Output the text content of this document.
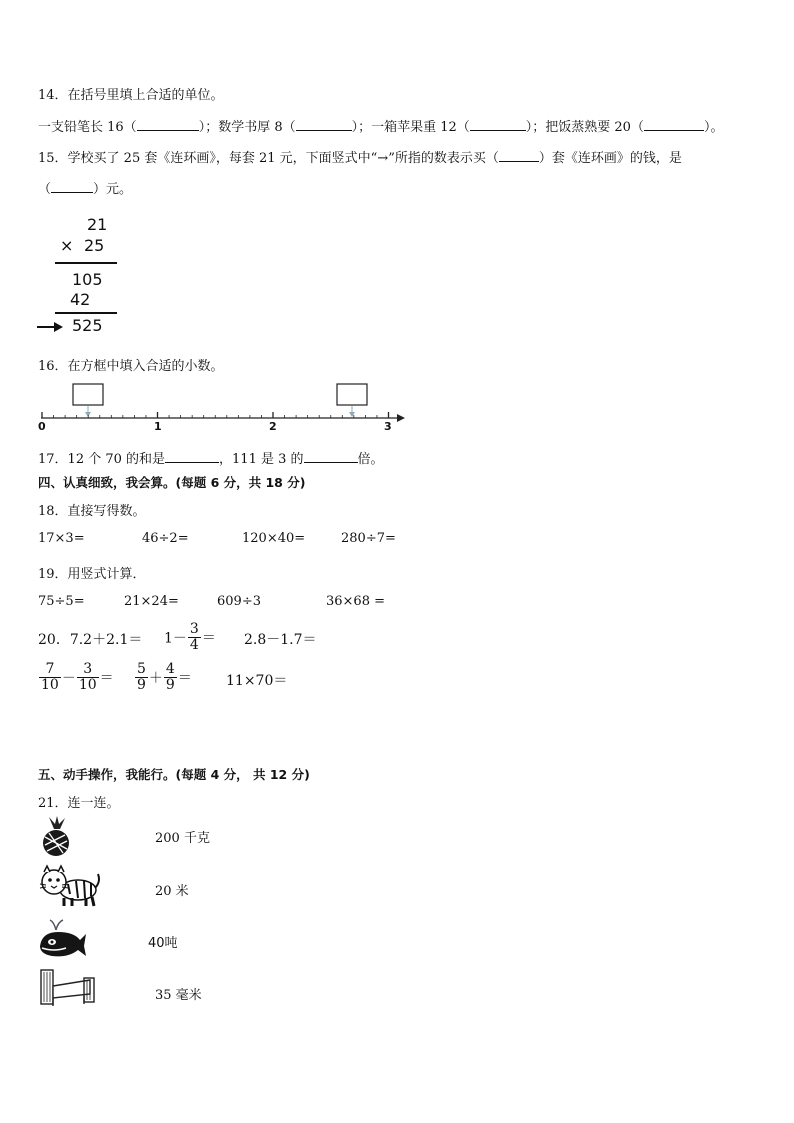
14．在括号里填上合适的单位。
一支铅笔长 16（	）；数学书厚 8（	）；一箱苹果重 12（	）；把饭蒸熟要 20（	）。
15．学校买了 25 套《连环画》，每套 21 元，下面竖式中“→”所指的数表示买（	）套《连环画》的钱，是
（	）元。
21
× 25
105
42
525
16．在方框中填入合适的小数。
0	1	2	3
17．12 个 70 的和是	，111 是 3 的	倍。
四、认真细致，我会算。(每题 6 分，共 18 分)
18．直接写得数。
17×3=	46÷2=	120×40=	280÷7=
19．用竖式计算．
75÷5=	21×24=	609÷3	36×68 =
20．$7.2+2.1= 1- \frac{3}{4} = 2.8-1.7=$
$\frac{7}{10} - \frac{3}{10} = \frac{5}{9} + \frac{4}{9} = 11\times 70=$
五、动手操作，我能行。(每题 4 分， 共 12 分)
21．连一连。
200 千克
20 米
40吨
35 毫米
